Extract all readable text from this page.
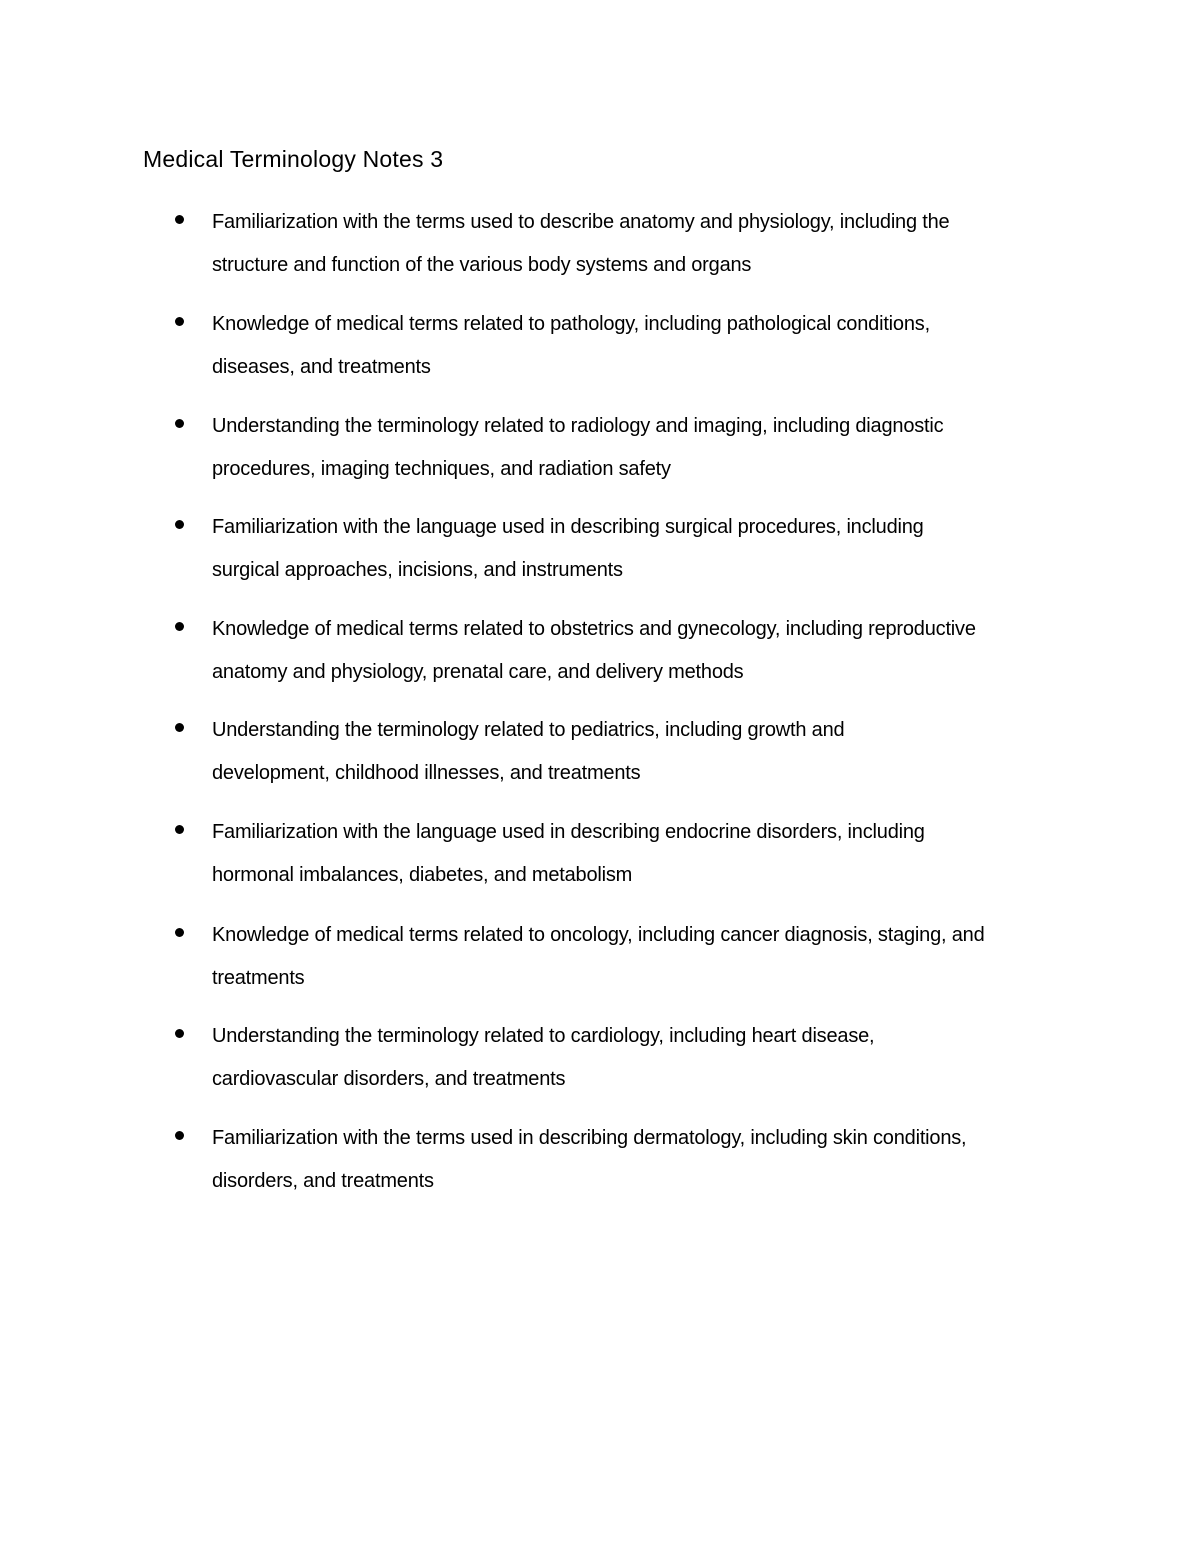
Medical Terminology Notes 3
Familiarization with the terms used to describe anatomy and physiology, including the
structure and function of the various body systems and organs
Knowledge of medical terms related to pathology, including pathological conditions,
diseases, and treatments
Understanding the terminology related to radiology and imaging, including diagnostic
procedures, imaging techniques, and radiation safety
Familiarization with the language used in describing surgical procedures, including
surgical approaches, incisions, and instruments
Knowledge of medical terms related to obstetrics and gynecology, including reproductive
anatomy and physiology, prenatal care, and delivery methods
Understanding the terminology related to pediatrics, including growth and
development, childhood illnesses, and treatments
Familiarization with the language used in describing endocrine disorders, including
hormonal imbalances, diabetes, and metabolism
Knowledge of medical terms related to oncology, including cancer diagnosis, staging, and
treatments
Understanding the terminology related to cardiology, including heart disease,
cardiovascular disorders, and treatments
Familiarization with the terms used in describing dermatology, including skin conditions,
disorders, and treatments
